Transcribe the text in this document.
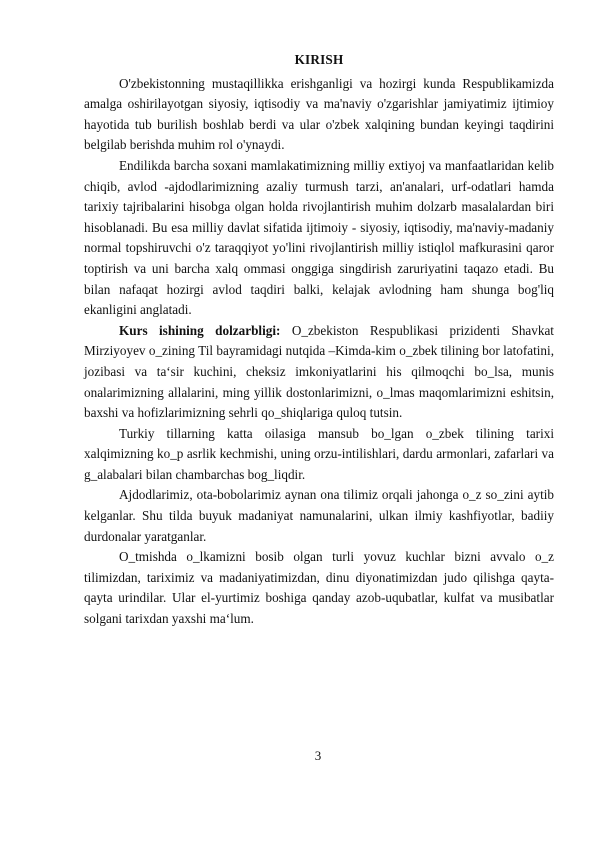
KIRISH

O'zbekistonning mustaqillikka erishganligi va hozirgi kunda Respublikamizda amalga oshirilayotgan siyosiy, iqtisodiy va ma'naviy o'zgarishlar jamiyatimiz ijtimioy hayotida tub burilish boshlab berdi va ular o'zbek xalqining bundan keyingi taqdirini belgilab berishda muhim rol o'ynaydi.

Endilikda barcha soxani mamlakatimizning milliy extiyoj va manfaatlaridan kelib chiqib, avlod -ajdodlarimizning azaliy turmush tarzi, an'analari, urf-odatlari hamda tarixiy tajribalarini hisobga olgan holda rivojlantirish muhim dolzarb masalalardan biri hisoblanadi. Bu esa milliy davlat sifatida ijtimoiy - siyosiy, iqtisodiy, ma'naviy-madaniy normal topshiruvchi o'z taraqqiyot yo'lini rivojlantirish milliy istiqlol mafkurasini qaror toptirish va uni barcha xalq ommasi onggiga singdirish zaruriyatini taqazo etadi. Bu bilan nafaqat hozirgi avlod taqdiri balki, kelajak avlodning ham shunga bog'liq ekanligini anglatadi.

Kurs ishining dolzarbligi: O_zbekiston Respublikasi prizidenti Shavkat Mirziyoyev o_zining Til bayramidagi nutqida –Kimda-kim o_zbek tilining bor latofatini, jozibasi va ta‘sir kuchini, cheksiz imkoniyatlarini his qilmoqchi bo_lsa, munis onalarimizning allalarini, ming yillik dostonlarimizni, o_lmas maqomlarimizni eshitsin, baxshi va hofizlarimizning sehrli qo_shiqlariga quloq tutsin.

Turkiy tillarning katta oilasiga mansub bo_lgan o_zbek tilining tarixi xalqimizning ko_p asrlik kechmishi, uning orzu-intilishlari, dardu armonlari, zafarlari va g_alabalari bilan chambarchas bog_liqdir.

Ajdodlarimiz, ota-bobolarimiz aynan ona tilimiz orqali jahonga o_z so_zini aytib kelganlar. Shu tilda buyuk madaniyat namunalarini, ulkan ilmiy kashfiyotlar, badiiy durdonalar yaratganlar.

O_tmishda o_lkamizni bosib olgan turli yovuz kuchlar bizni avvalo o_z tilimizdan, tariximiz va madaniyatimizdan, dinu diyonatimizdan judo qilishga qayta-qayta urindilar. Ular el-yurtimiz boshiga qanday azob-uqubatlar, kulfat va musibatlar solgani tarixdan yaxshi ma‘lum.

3
